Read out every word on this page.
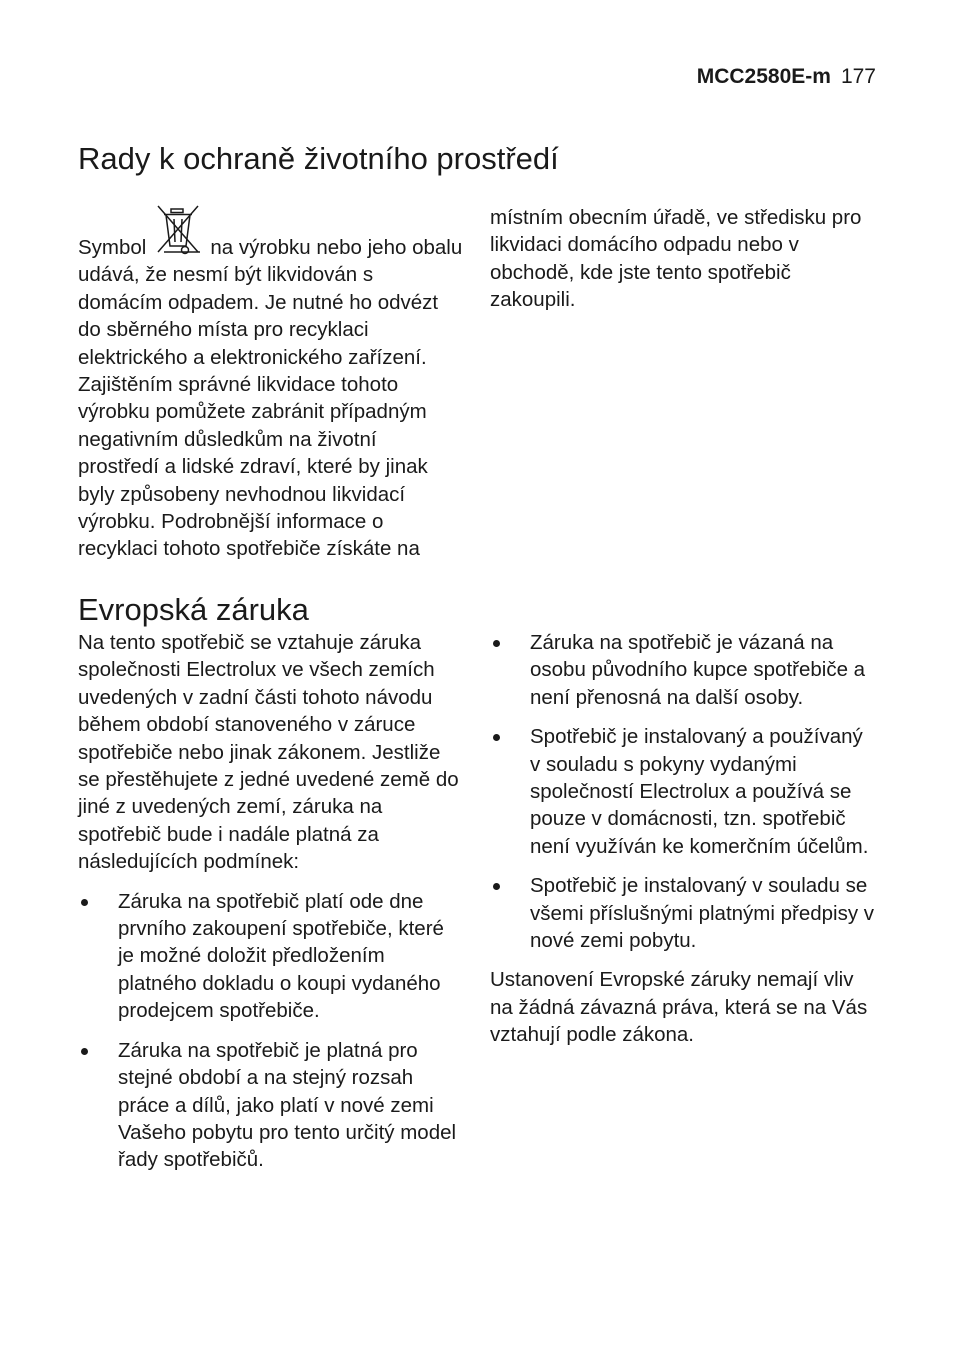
MCC2580E-m 177
Rady k ochraně životního prostředí

Symbol	na výrobku nebo jeho obalu udává, že nesmí být likvidován s domácím odpadem. Je nutné ho odvézt do sběrného místa pro recyklaci elektrického a elektronického zařízení. Zajištěním správné likvidace tohoto výrobku pomůžete zabránit případným negativním důsledkům na životní prostředí a lidské zdraví, které by jinak byly způsobeny nevhodnou likvidací výrobku. Podrobnější informace o recyklaci tohoto spotřebiče získáte na

místním obecním úřadě, ve středisku pro likvidaci domácího odpadu nebo v obchodě, kde jste tento spotřebič zakoupili.

Evropská záruka

Na tento spotřebič se vztahuje záruka společnosti Electrolux ve všech zemích uvedených v zadní části tohoto návodu během období stanoveného v záruce spotřebiče nebo jinak zákonem. Jestliže se přestěhujete z jedné uvedené země do jiné z uvedených zemí, záruka na spotřebič bude i nadále platná za následujících podmínek:

Záruka na spotřebič platí ode dne prvního zakoupení spotřebiče, které je možné doložit předložením platného dokladu o koupi vydaného prodejcem spotřebiče.
Záruka na spotřebič je platná pro stejné období a na stejný rozsah práce a dílů, jako platí v nové zemi Vašeho pobytu pro tento určitý model řady spotřebičů.
Záruka na spotřebič je vázaná na osobu původního kupce spotřebiče a není přenosná na další osoby.
Spotřebič je instalovaný a používaný v souladu s pokyny vydanými společností Electrolux a používá se pouze v domácnosti, tzn. spotřebič není využíván ke komerčním účelům.
Spotřebič je instalovaný v souladu se všemi příslušnými platnými předpisy v nové zemi pobytu.

Ustanovení Evropské záruky nemají vliv na žádná závazná práva, která se na Vás vztahují podle zákona.
